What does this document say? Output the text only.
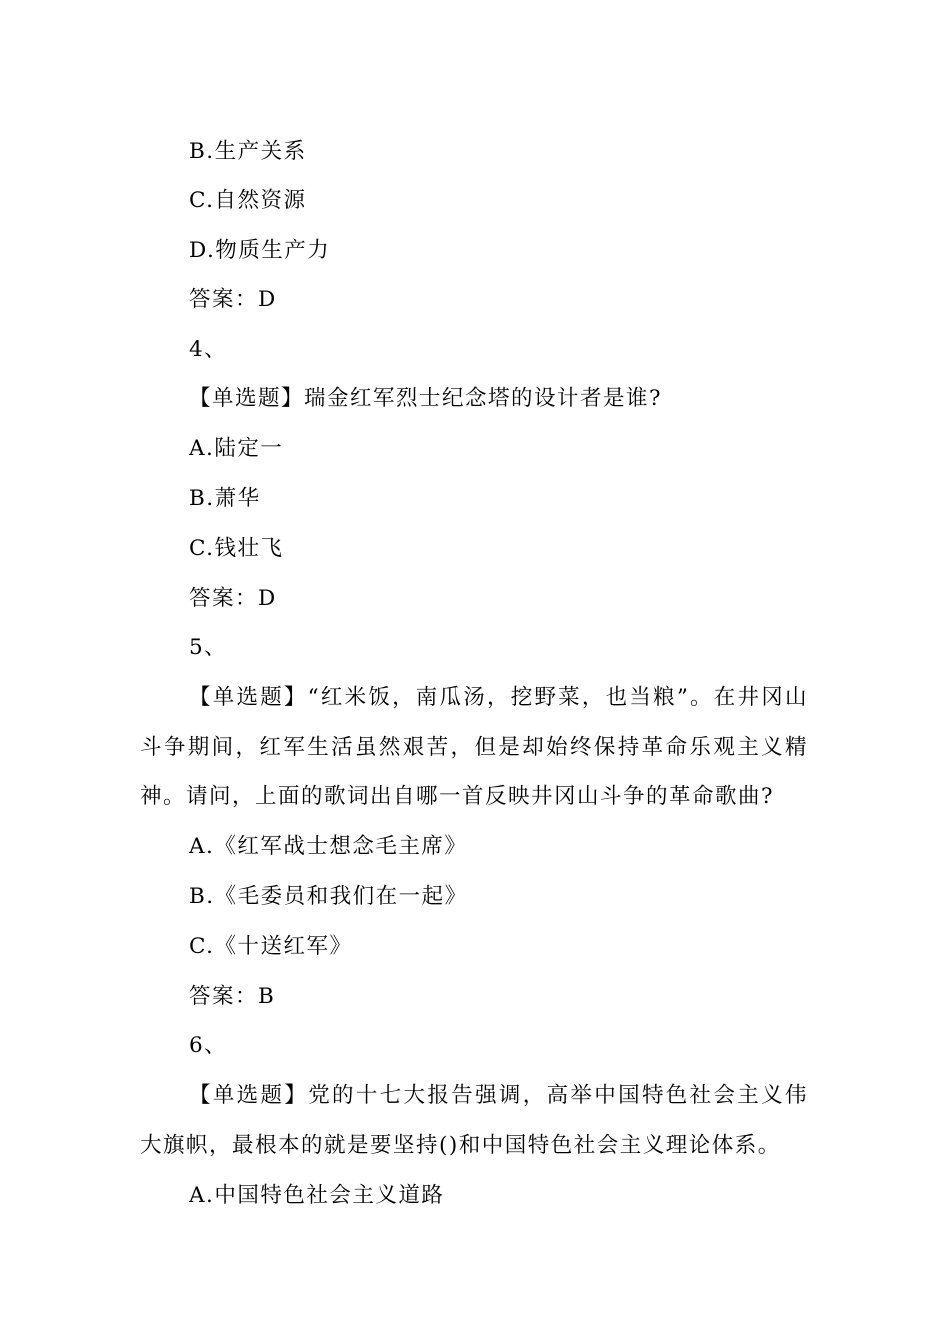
B.生产关系

C.自然资源

D.物质生产力

答案：D

4、

【单选题】瑞金红军烈士纪念塔的设计者是谁?

A.陆定一

B.萧华

C.钱壮飞

答案：D

5、

【单选题】“红米饭，南瓜汤，挖野菜，也当粮”。在井冈山斗争期间，红军生活虽然艰苦，但是却始终保持革命乐观主义精神。请问，上面的歌词出自哪一首反映井冈山斗争的革命歌曲?

A.《红军战士想念毛主席》

B.《毛委员和我们在一起》

C.《十送红军》

答案：B

6、

【单选题】党的十七大报告强调，高举中国特色社会主义伟大旗帜，最根本的就是要坚持()和中国特色社会主义理论体系。

A.中国特色社会主义道路
